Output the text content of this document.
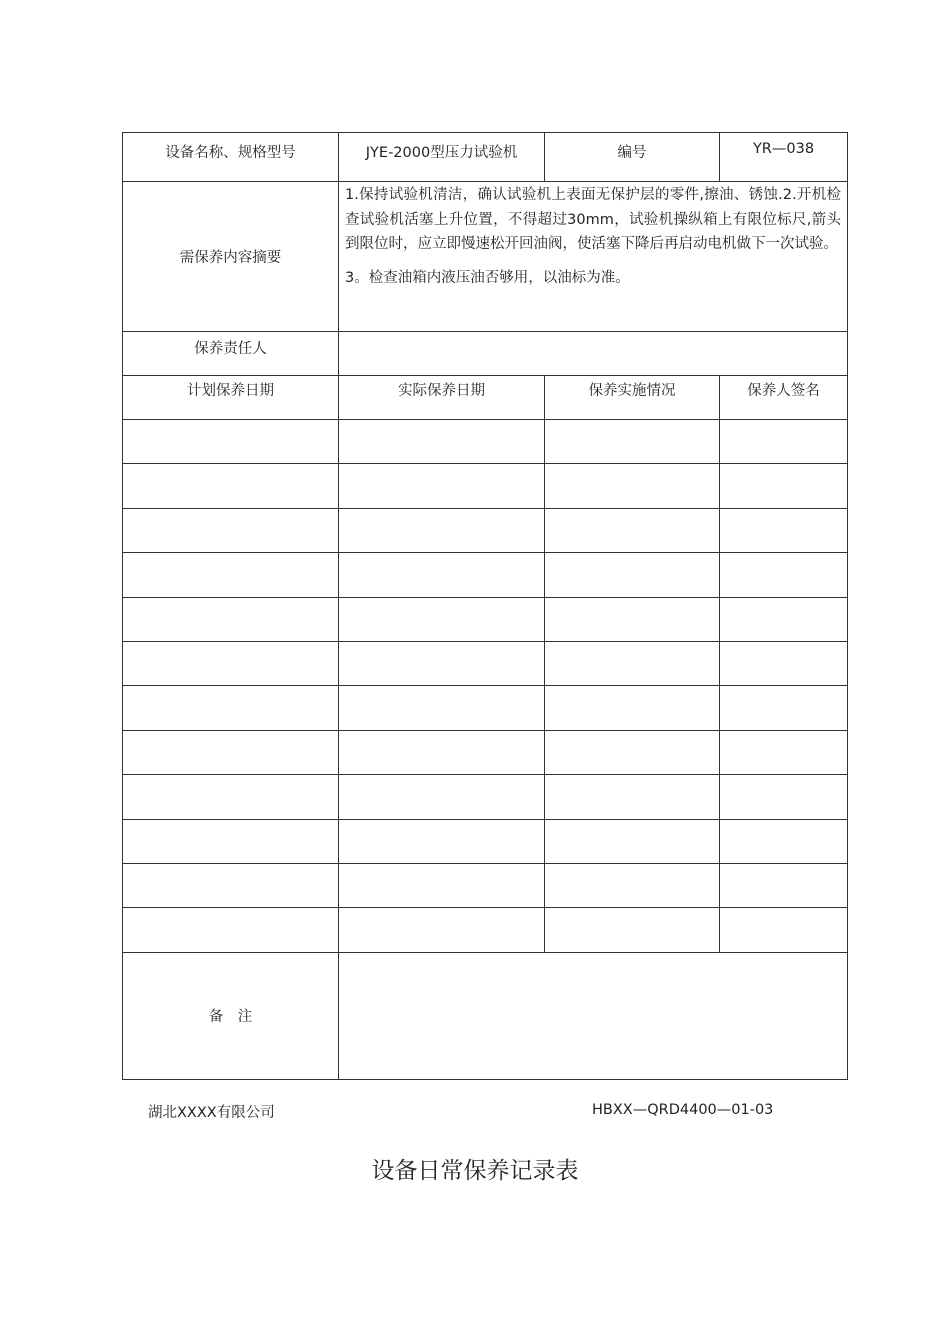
设备名称、规格型号	JYE-2000型压力试验机	编号	YR—038

需保养内容摘要	1.保持试验机清洁，确认试验机上表面无保护层的零件,擦油、锈蚀.2.开机检查试验机活塞上升位置，不得超过30mm，试验机操纵箱上有限位标尺,箭头到限位时，应立即慢速松开回油阀，使活塞下降后再启动电机做下一次试验。

3。检查油箱内液压油否够用，以油标为准。		

保养责任人			

计划保养日期	实际保养日期	保养实施情况	保养人签名

备　注			
湖北XXXX有限公司	HBXX—QRD4400—01-03
设备日常保养记录表
